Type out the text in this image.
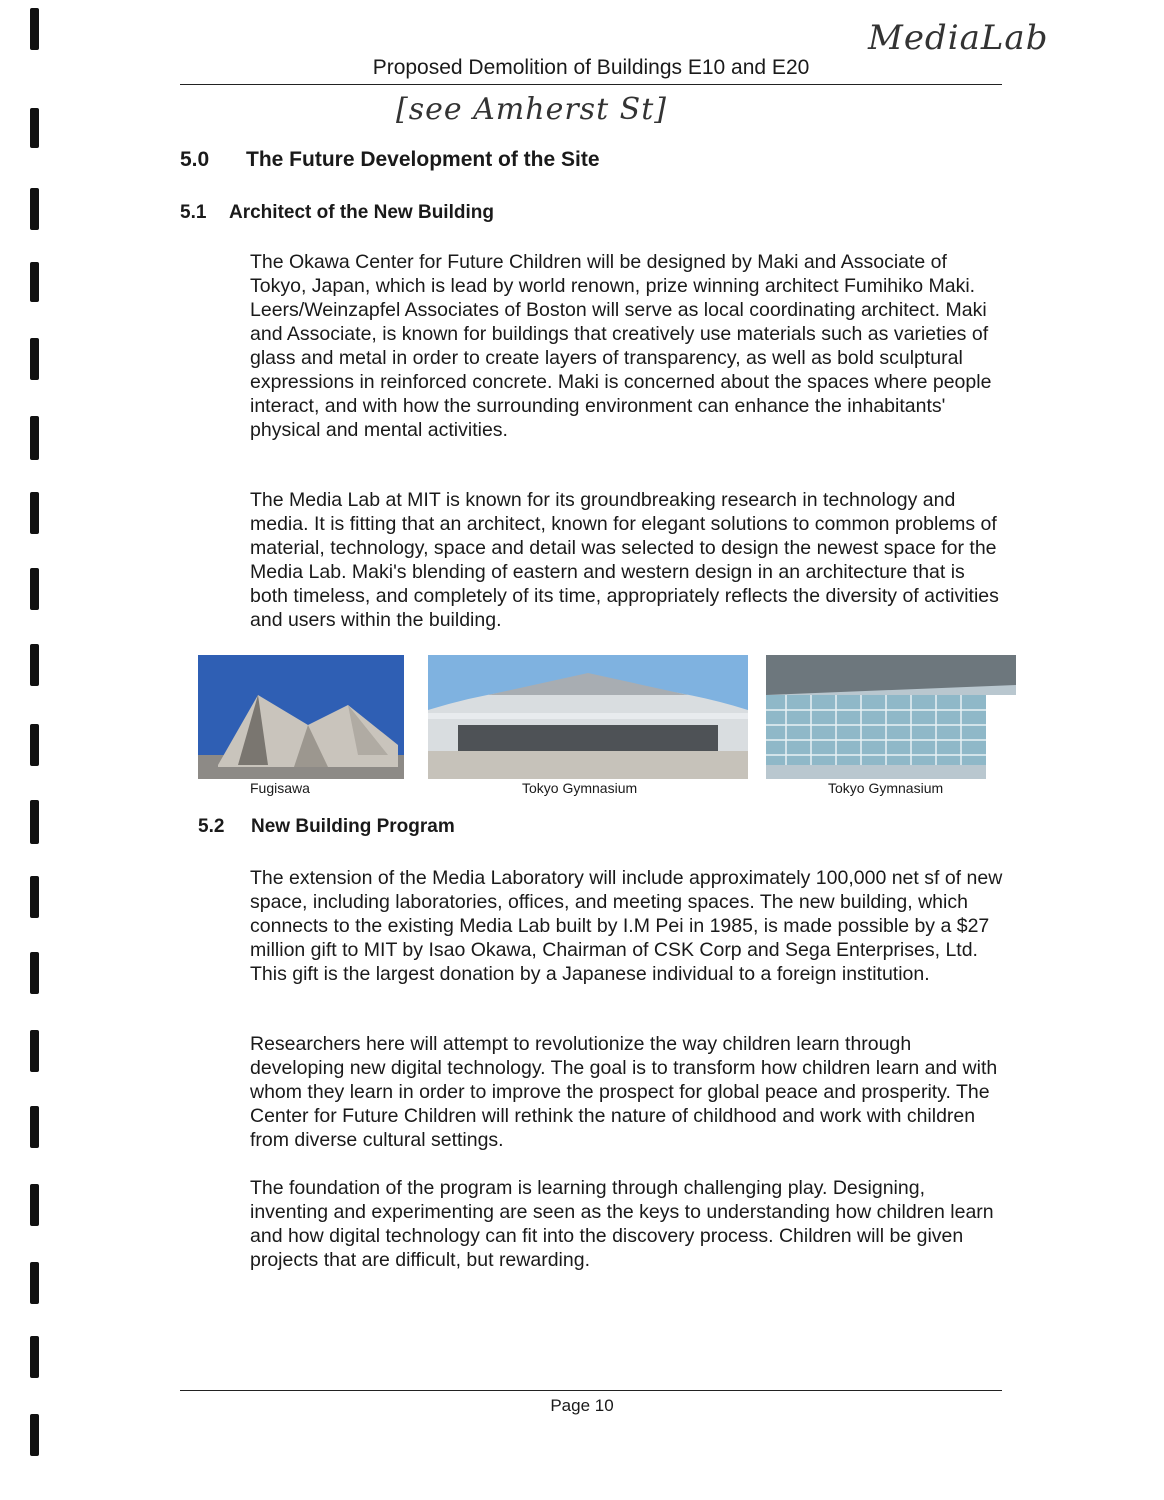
MediaLab
Proposed Demolition of Buildings E10 and E20
[see Amherst St]
5.0 The Future Development of the Site
5.1 Architect of the New Building

The Okawa Center for Future Children will be designed by Maki and Associate of Tokyo, Japan, which is lead by world renown, prize winning architect Fumihiko Maki. Leers/Weinzapfel Associates of Boston will serve as local coordinating architect. Maki and Associate, is known for buildings that creatively use materials such as varieties of glass and metal in order to create layers of transparency, as well as bold sculptural expressions in reinforced concrete. Maki is concerned about the spaces where people interact, and with how the surrounding environment can enhance the inhabitants' physical and mental activities.

The Media Lab at MIT is known for its groundbreaking research in technology and media. It is fitting that an architect, known for elegant solutions to common problems of material, technology, space and detail was selected to design the newest space for the Media Lab. Maki's blending of eastern and western design in an architecture that is both timeless, and completely of its time, appropriately reflects the diversity of activities and users within the building.

Fugisawa	Tokyo Gymnasium	Tokyo Gymnasium
5.2 New Building Program

The extension of the Media Laboratory will include approximately 100,000 net sf of new space, including laboratories, offices, and meeting spaces. The new building, which connects to the existing Media Lab built by I.M Pei in 1985, is made possible by a $27 million gift to MIT by Isao Okawa, Chairman of CSK Corp and Sega Enterprises, Ltd. This gift is the largest donation by a Japanese individual to a foreign institution.

Researchers here will attempt to revolutionize the way children learn through developing new digital technology. The goal is to transform how children learn and with whom they learn in order to improve the prospect for global peace and prosperity. The Center for Future Children will rethink the nature of childhood and work with children from diverse cultural settings.

The foundation of the program is learning through challenging play. Designing, inventing and experimenting are seen as the keys to understanding how children learn and how digital technology can fit into the discovery process. Children will be given projects that are difficult, but rewarding.

Page 10
